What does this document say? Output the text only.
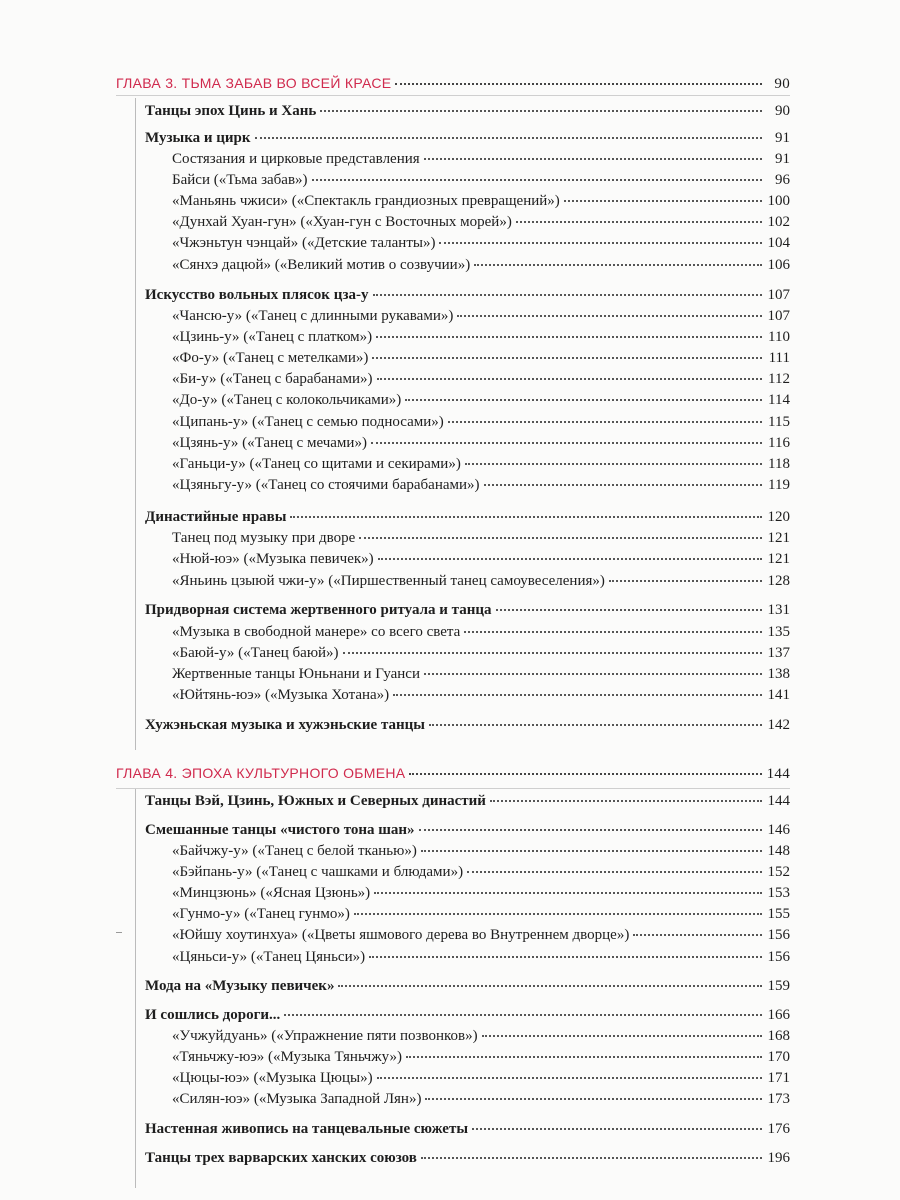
ГЛАВА 3. ТЬМА ЗАБАВ ВО ВСЕЙ КРАСЕ	90
Танцы эпох Цинь и Хань	90
Музыка и цирк	91
Состязания и цирковые представления	91
Байси («Тьма забав»)	96
«Маньянь чжиси» («Спектакль грандиозных превращений»)	100
«Дунхай Хуан-гун» («Хуан-гун с Восточных морей»)	102
«Чжэньтун чэнцай» («Детские таланты»)	104
«Сянхэ дацюй» («Великий мотив о созвучии»)	106
Искусство вольных плясок цза-у	107
«Чансю-у» («Танец с длинными рукавами»)	107
«Цзинь-у» («Танец с платком»)	110
«Фо-у» («Танец с метелками»)	111
«Би-у» («Танец с барабанами»)	112
«До-у» («Танец с колокольчиками»)	114
«Ципань-у» («Танец с семью подносами»)	115
«Цзянь-у» («Танец с мечами»)	116
«Ганьци-у» («Танец со щитами и секирами»)	118
«Цзяньгу-у» («Танец со стоячими барабанами»)	119
Династийные нравы	120
Танец под музыку при дворе	121
«Нюй-юэ» («Музыка певичек»)	121
«Яньинь цзыюй чжи-у» («Пиршественный танец самоувеселения»)	128
Придворная система жертвенного ритуала и танца	131
«Музыка в свободной манере» со всего света	135
«Баюй-у» («Танец баюй»)	137
Жертвенные танцы Юньнани и Гуанси	138
«Юйтянь-юэ» («Музыка Хотана»)	141
Хужэньская музыка и хужэньские танцы	142
ГЛАВА 4. ЭПОХА КУЛЬТУРНОГО ОБМЕНА	144
Танцы Вэй, Цзинь, Южных и Северных династий	144
Смешанные танцы «чистого тона шан»	146
«Байчжу-у» («Танец с белой тканью»)	148
«Бэйпань-у» («Танец с чашками и блюдами»)	152
«Минцзюнь» («Ясная Цзюнь»)	153
«Гунмо-у» («Танец гунмо»)	155
«Юйшу хоутинхуа» («Цветы яшмового дерева во Внутреннем дворце»)	156
«Цяньси-у» («Танец Цяньси»)	156
Мода на «Музыку певичек»	159
И сошлись дороги...	166
«Учжуйдуань» («Упражнение пяти позвонков»)	168
«Тяньчжу-юэ» («Музыка Тяньчжу»)	170
«Цюцы-юэ» («Музыка Цюцы»)	171
«Силян-юэ» («Музыка Западной Лян»)	173
Настенная живопись на танцевальные сюжеты	176
Танцы трех варварских ханских союзов	196
